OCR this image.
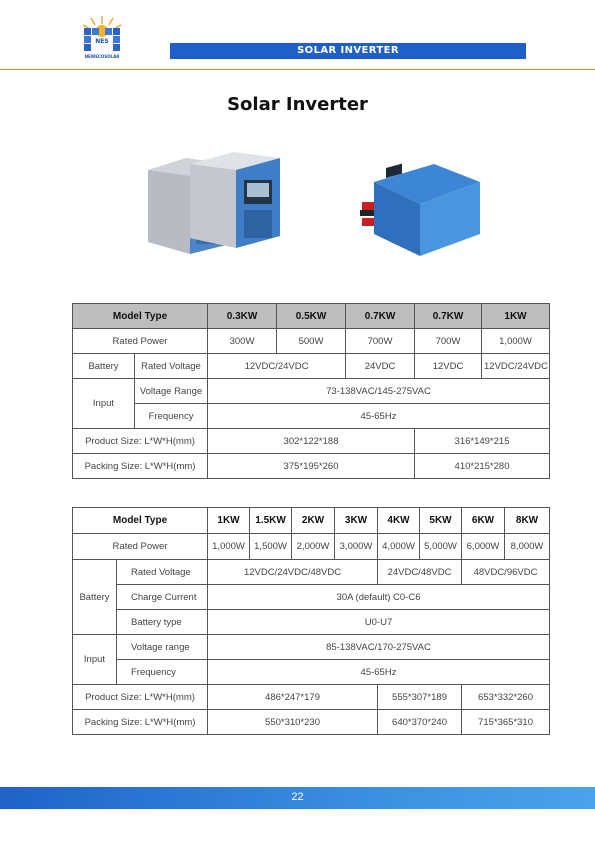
NES
NEWECOSOLAR
SOLAR INVERTER
Solar Inverter
Model Type		0.3KW	0.5KW	0.7KW	0.7KW	1KW
Rated Power		300W	500W	700W	700W	1,000W
Battery	Rated Voltage	12VDC/24VDC		24VDC	12VDC	12VDC/24VDC
Input	Voltage Range	73-138VAC/145-275VAC				
	Frequency	45-65Hz				
Product Size: L*W*H(mm)		302*122*188			316*149*215	
Packing Size: L*W*H(mm)		375*195*260			410*215*280	
Model Type		1KW	1.5KW	2KW	3KW	4KW	5KW	6KW	8KW
Rated Power		1,000W	1,500W	2,000W	3,000W	4,000W	5,000W	6,000W	8,000W
Battery	Rated Voltage	12VDC/24VDC/48VDC				24VDC/48VDC		48VDC/96VDC	
	Charge Current	30A (default) C0-C6							
	Battery type	U0-U7							
Input	Voltage range	85-138VAC/170-275VAC							
	Frequency	45-65Hz							
Product Size: L*W*H(mm)		486*247*179				555*307*189		653*332*260	
Packing Size: L*W*H(mm)		550*310*230				640*370*240		715*365*310	
22
